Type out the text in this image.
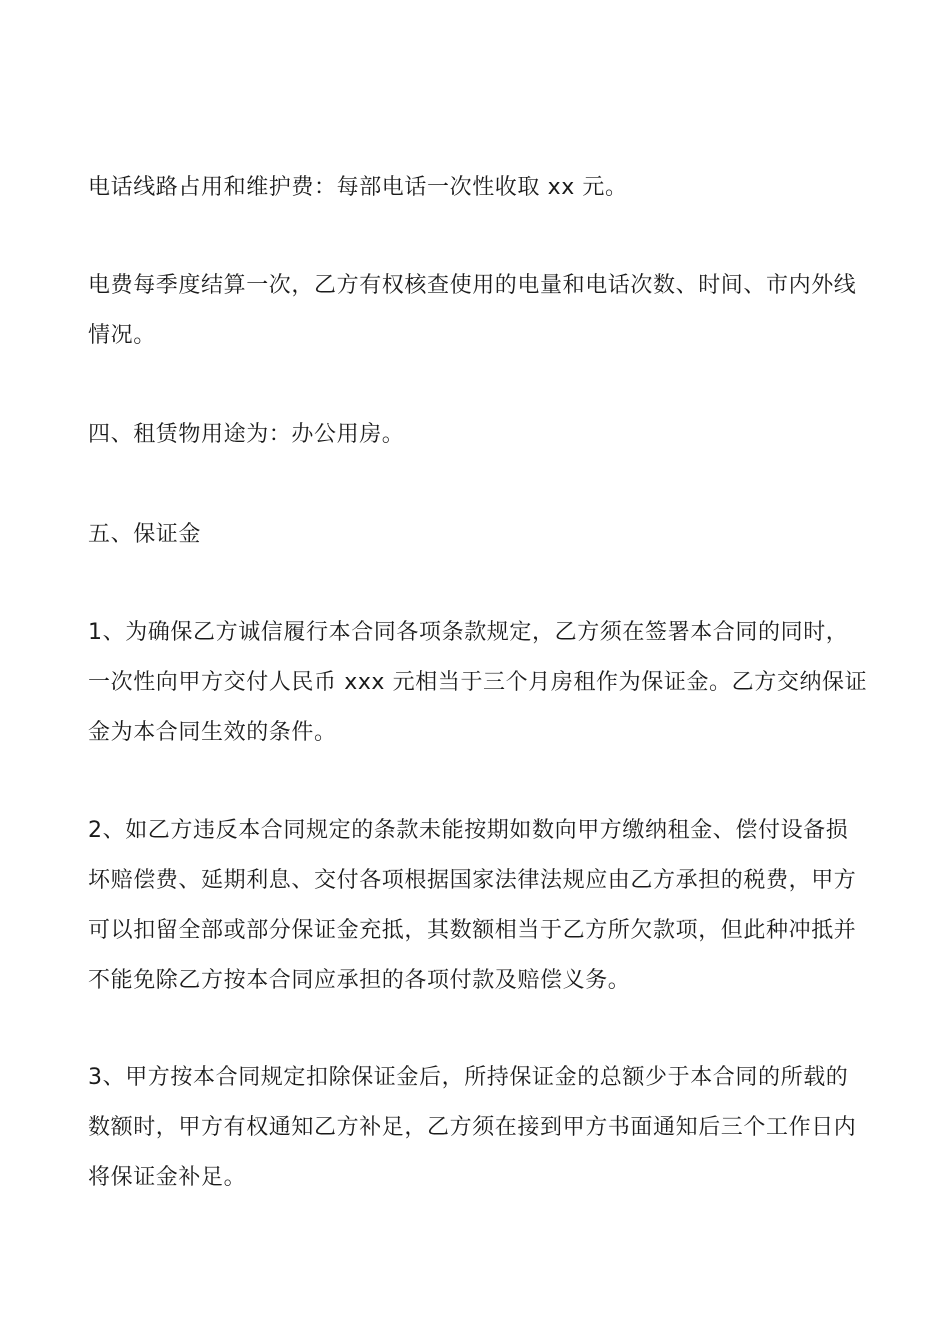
电话线路占用和维护费：每部电话一次性收取 xx 元。

电费每季度结算一次，乙方有权核查使用的电量和电话次数、时间、市内外线情况。

四、租赁物用途为：办公用房。

五、保证金

1、为确保乙方诚信履行本合同各项条款规定，乙方须在签署本合同的同时，一次性向甲方交付人民币 xxx 元相当于三个月房租作为保证金。乙方交纳保证金为本合同生效的条件。

2、如乙方违反本合同规定的条款未能按期如数向甲方缴纳租金、偿付设备损坏赔偿费、延期利息、交付各项根据国家法律法规应由乙方承担的税费，甲方可以扣留全部或部分保证金充抵，其数额相当于乙方所欠款项，但此种冲抵并不能免除乙方按本合同应承担的各项付款及赔偿义务。

3、甲方按本合同规定扣除保证金后，所持保证金的总额少于本合同的所载的数额时，甲方有权通知乙方补足，乙方须在接到甲方书面通知后三个工作日内将保证金补足。
